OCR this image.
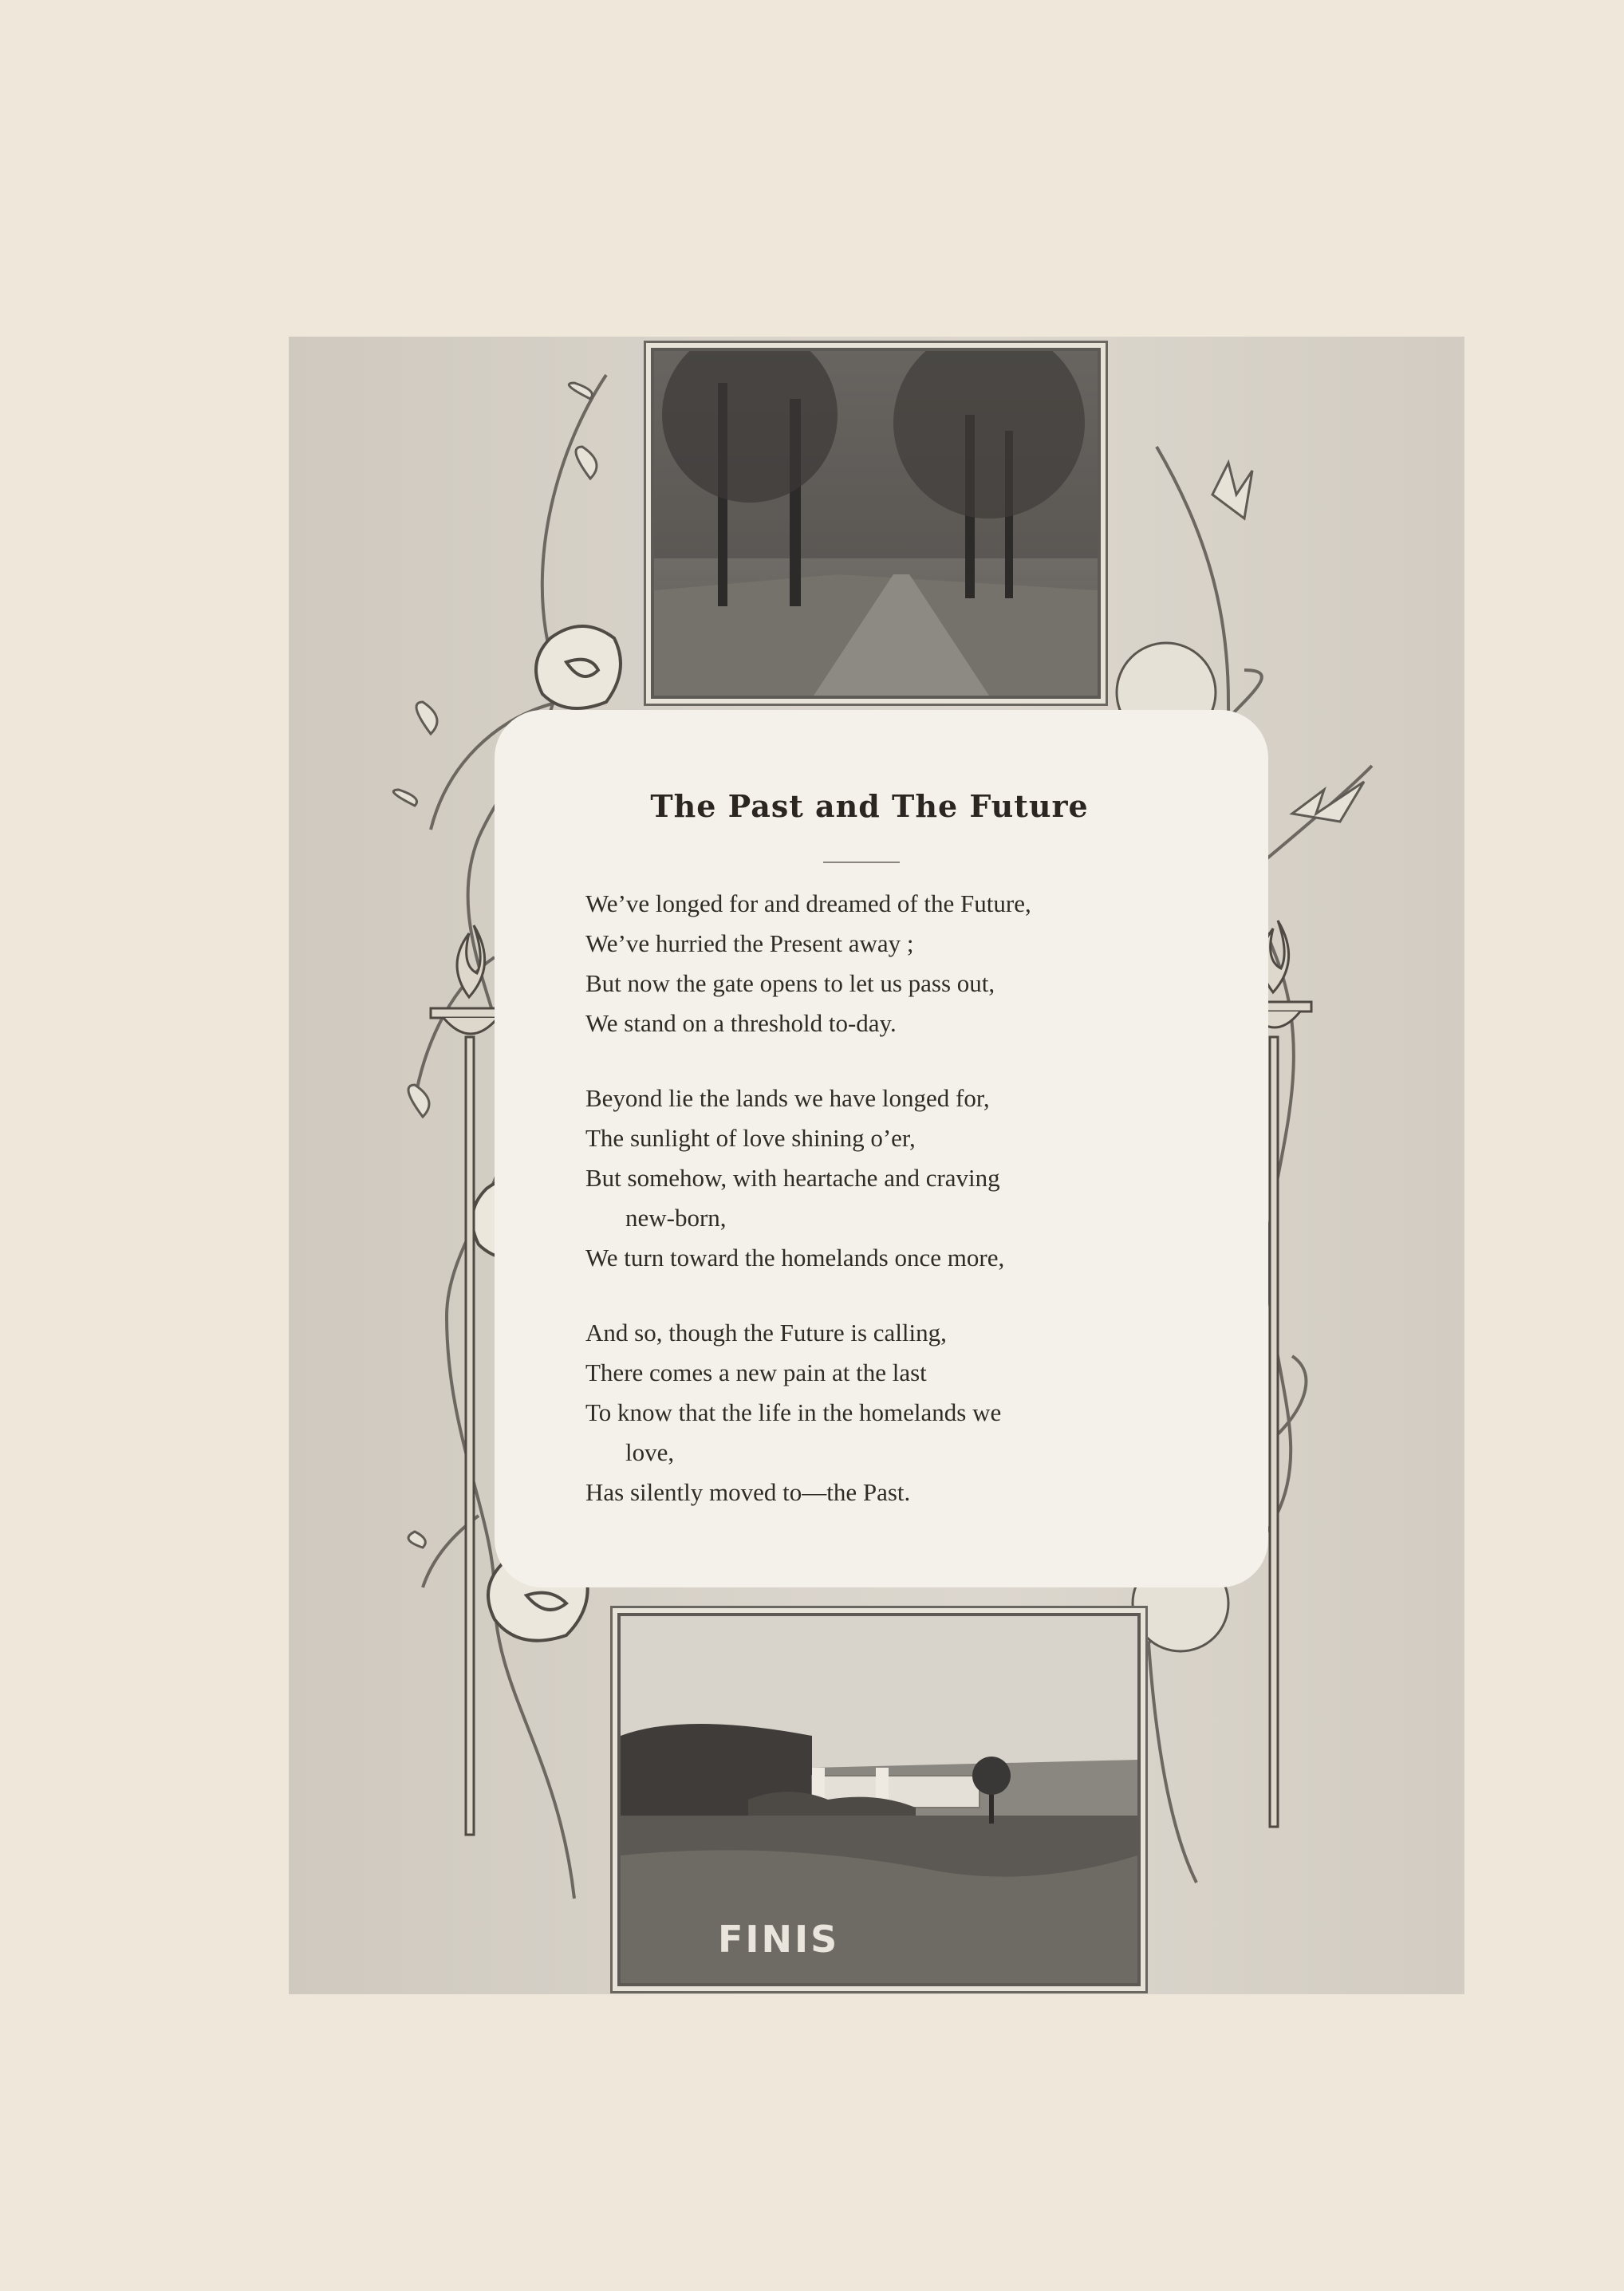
The Past and The Future
We’ve longed for and dreamed of the Future,
We’ve hurried the Present away ;
But now the gate opens to let us pass out,
We stand on a threshold to-day.
Beyond lie the lands we have longed for,
The sunlight of love shining o’er,
But somehow, with heartache and craving
new-born,
We turn toward the homelands once more,
And so, though the Future is calling,
There comes a new pain at the last
To know that the life in the homelands we
love,
Has silently moved to—the Past.
FINIS
